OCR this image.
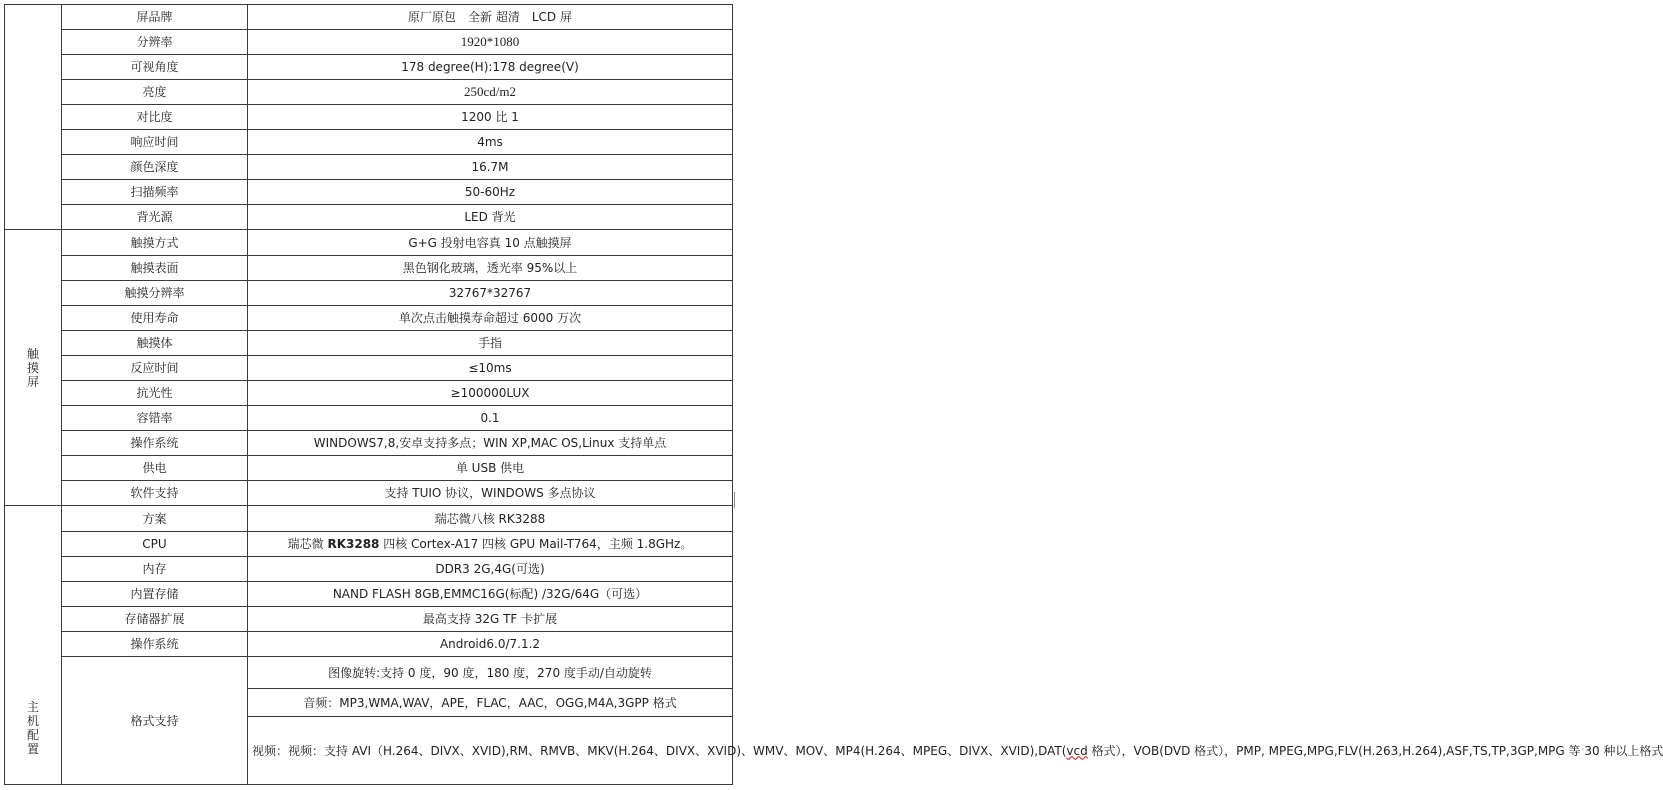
	屏品牌	原厂原包　全新 超清　LCD 屏
	分辨率	1920*1080
	可视角度	178 degree(H):178 degree(V)
	亮度	250cd/m2
	对比度	1200 比 1
	响应时间	4ms
	颜色深度	16.7M
	扫描频率	50-60Hz
	背光源	LED 背光
触摸屏	触摸方式	G+G 投射电容真 10 点触摸屏
	触摸表面	黑色钢化玻璃，透光率 95%以上
	触摸分辨率	32767*32767
	使用寿命	单次点击触摸寿命超过 6000 万次
	触摸体	手指
	反应时间	≤10ms
	抗光性	≥100000LUX
	容错率	0.1
	操作系统	WINDOWS7,8,安卓支持多点；WIN XP,MAC OS,Linux 支持单点
	供电	单 USB 供电
	软件支持	支持 TUIO 协议，WINDOWS 多点协议
主机配置	方案	瑞芯微八核 RK3288
	CPU	瑞芯微 RK3288 四核 Cortex-A17 四核 GPU Mail-T764，主频 1.8GHz。
	内存	DDR3 2G,4G(可选)
	内置存储	NAND FLASH 8GB,EMMC16G(标配) /32G/64G（可选）
	存储器扩展	最高支持 32G TF 卡扩展
	操作系统	Android6.0/7.1.2
	格式支持	图像旋转:支持 0 度，90 度，180 度，270 度手动/自动旋转
		音频：MP3,WMA,WAV，APE，FLAC，AAC，OGG,M4A,3GPP 格式
		视频：视频：支持 AVI（H.264、DIVX、XVID),RM、RMVB、MKV(H.264、DIVX、XVID)、WMV、MOV、MP4(H.264、MPEG、DIVX、XVID),DAT(vcd 格式），VOB(DVD 格式），PMP, MPEG,MPG,FLV(H.263,H.264),ASF,TS,TP,3GP,MPG 等 30 种以上格式
